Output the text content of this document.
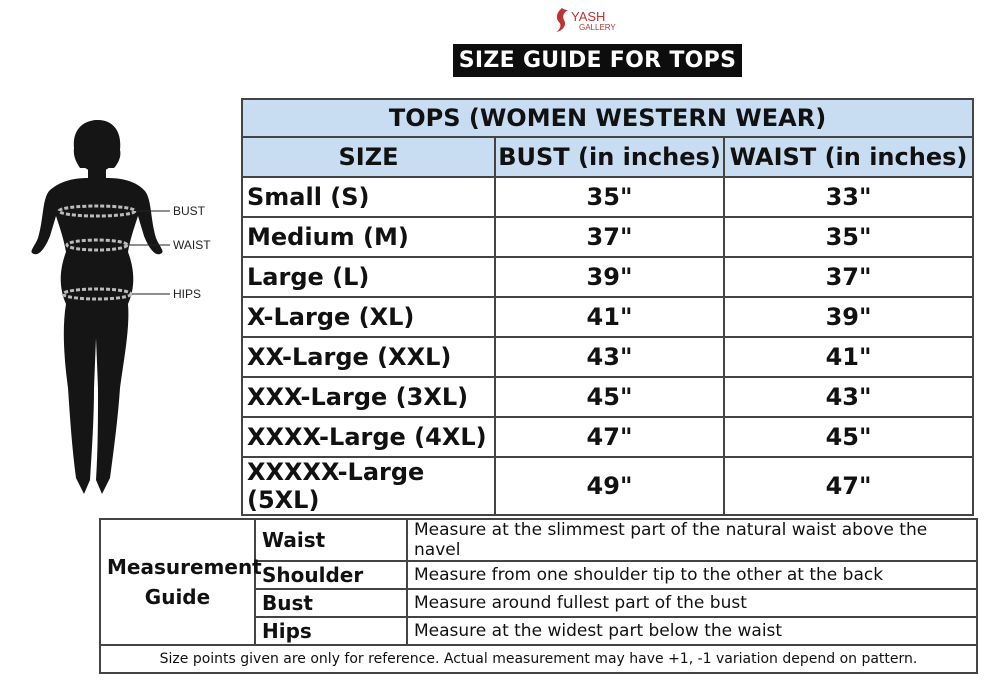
YASH
GALLERY
SIZE GUIDE FOR TOPS
BUST
WAIST
HIPS
TOPS (WOMEN WESTERN WEAR)		
SIZE	BUST (in inches)	WAIST (in inches)
Small (S)	35"	33"
Medium (M)	37"	35"
Large (L)	39"	37"
X-Large (XL)	41"	39"
XX-Large (XXL)	43"	41"
XXX-Large (3XL)	45"	43"
XXXX-Large (4XL)	47"	45"
XXXXX-Large (5XL)	49"	47"
Measurement
Guide	Waist	Measure at the slimmest part of the natural waist above the navel
	Shoulder	Measure from one shoulder tip to the other at the back
	Bust	Measure around fullest part of the bust
	Hips	Measure at the widest part below the waist
Size points given are only for reference. Actual measurement may have +1, -1 variation depend on pattern.		
